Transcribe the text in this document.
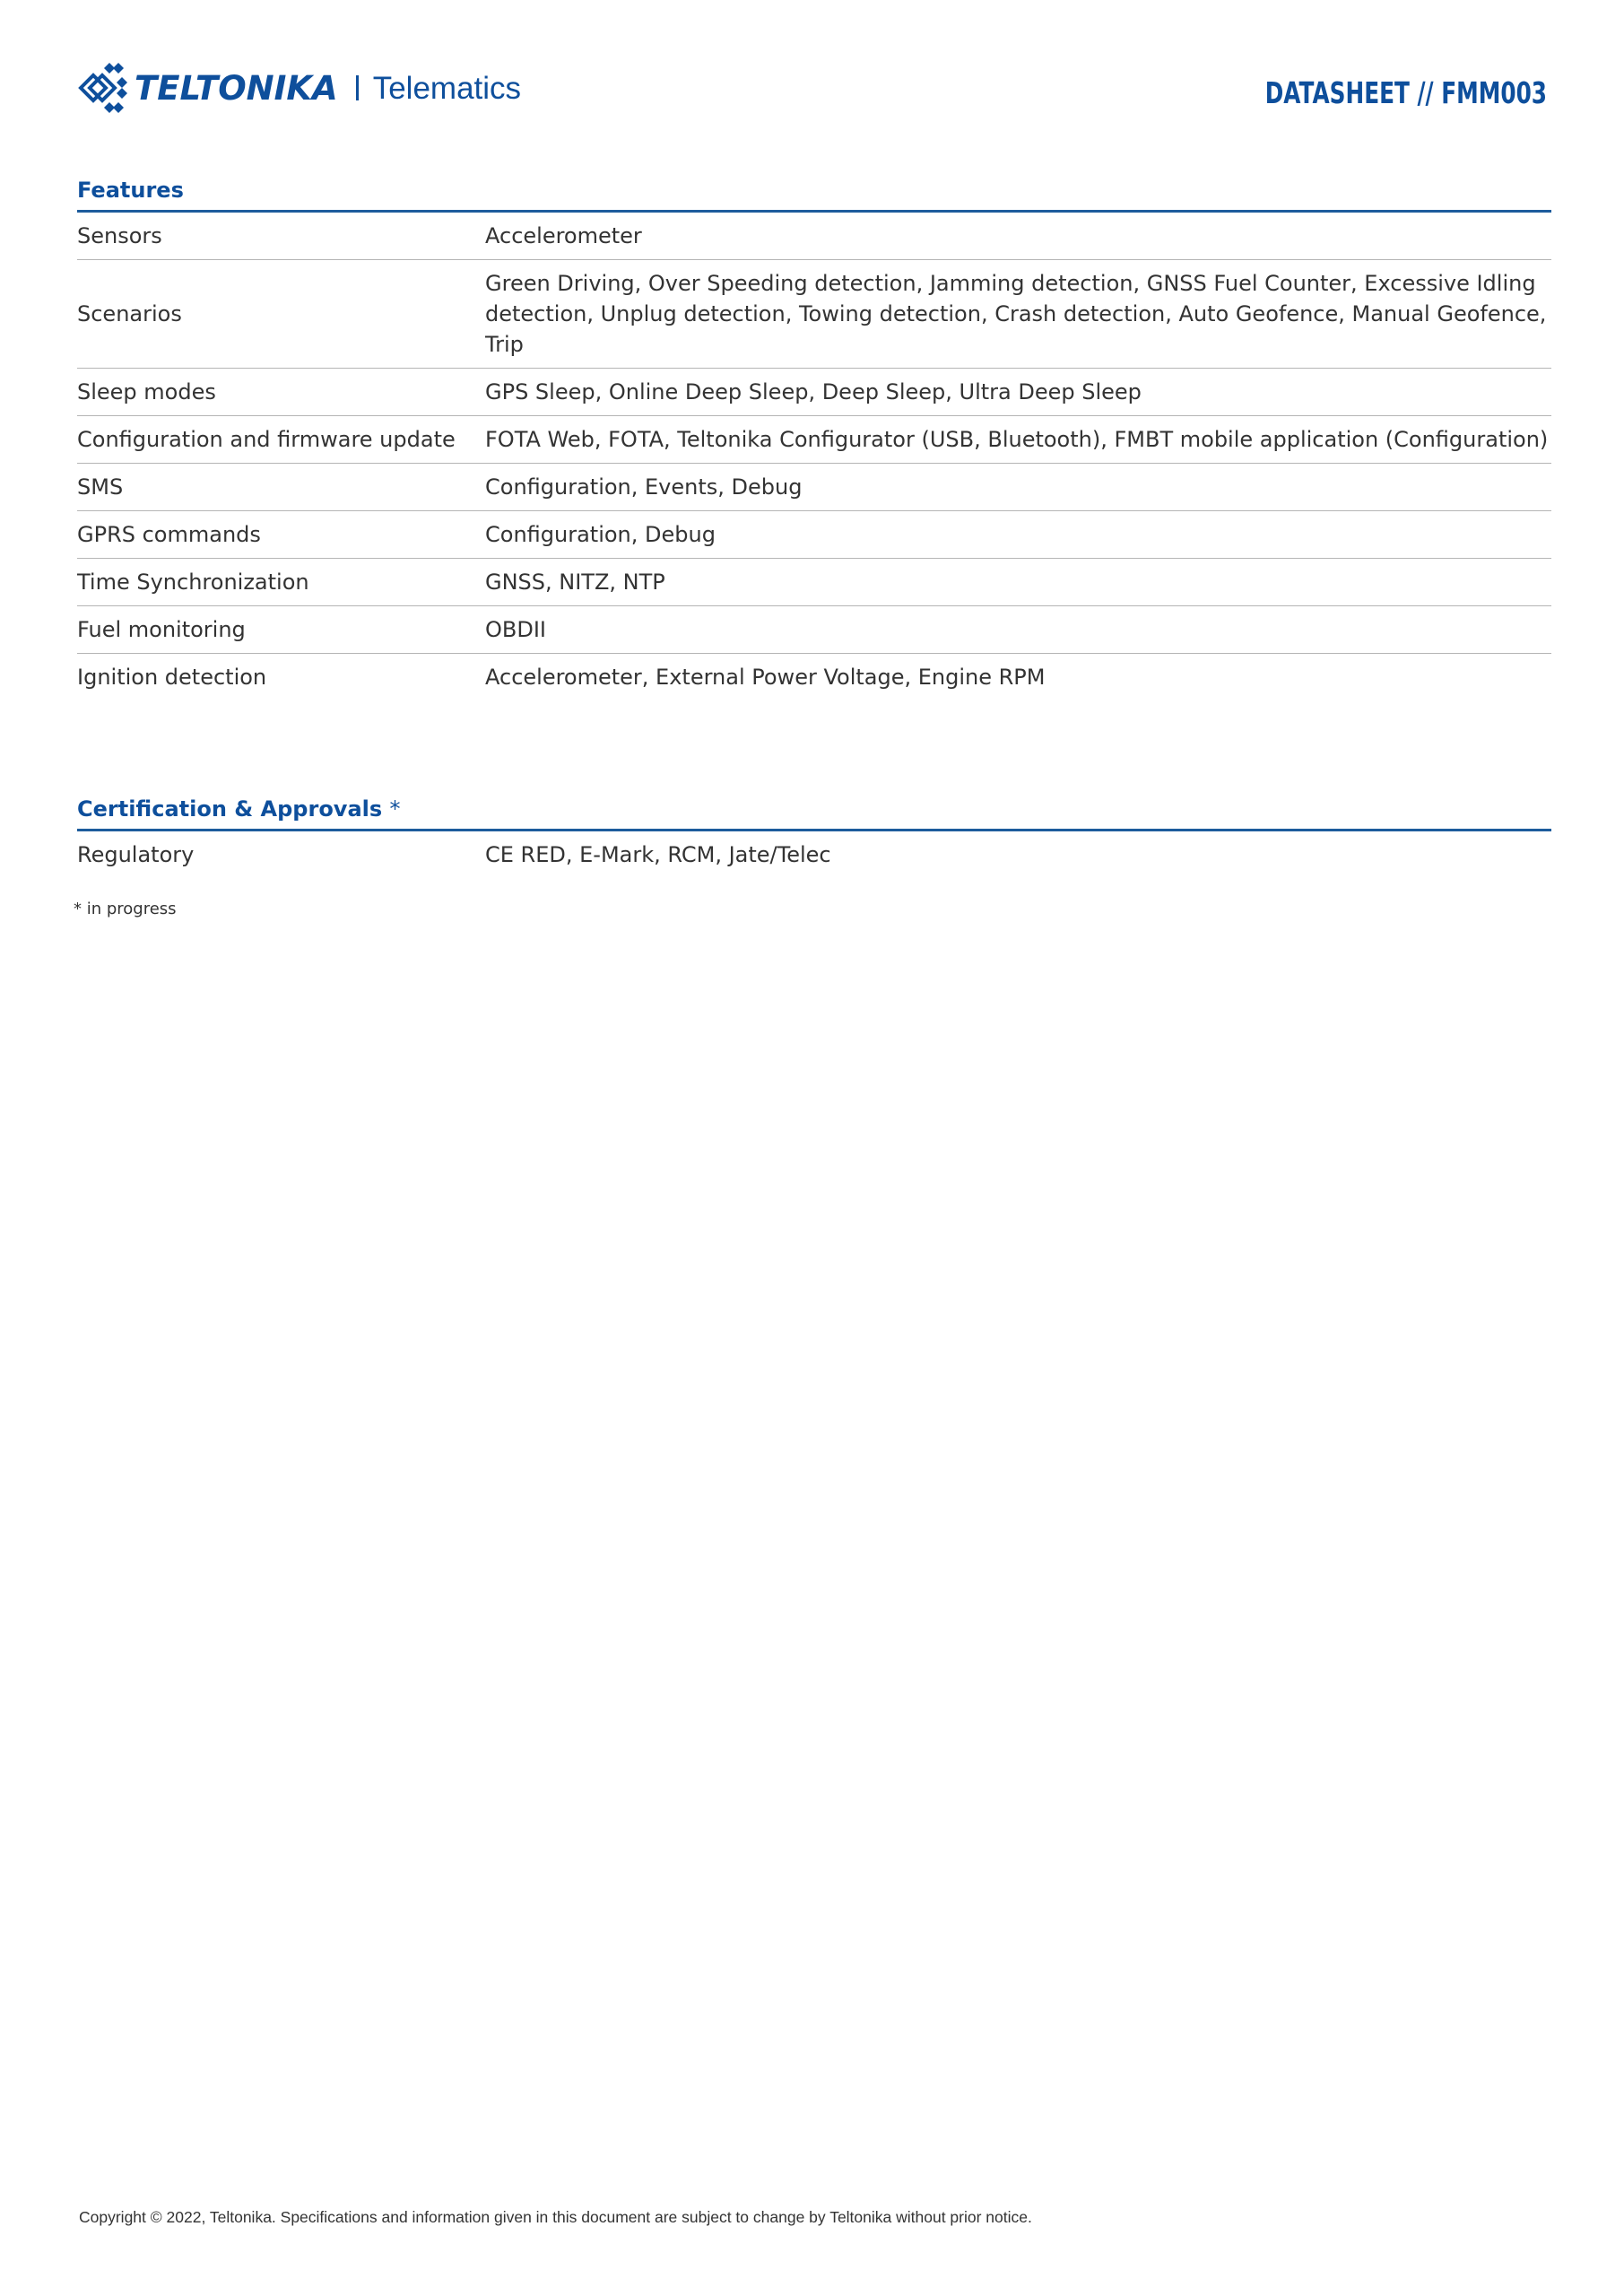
TELTONIKA Telematics	DATASHEET // FMM003
Features
Sensors	Accelerometer
Scenarios	Green Driving, Over Speeding detection, Jamming detection, GNSS Fuel Counter, Excessive Idling detection, Unplug detection, Towing detection, Crash detection, Auto Geofence, Manual Geofence, Trip
Sleep modes	GPS Sleep, Online Deep Sleep, Deep Sleep, Ultra Deep Sleep
Configuration and firmware update	FOTA Web, FOTA, Teltonika Configurator (USB, Bluetooth), FMBT mobile application (Configuration)
SMS	Configuration, Events, Debug
GPRS commands	Configuration, Debug
Time Synchronization	GNSS, NITZ, NTP
Fuel monitoring	OBDII
Ignition detection	Accelerometer, External Power Voltage, Engine RPM
Certification & Approvals *
Regulatory	CE RED, E-Mark, RCM, Jate/Telec
* in progress
Copyright © 2022, Teltonika. Specifications and information given in this document are subject to change by Teltonika without prior notice.
